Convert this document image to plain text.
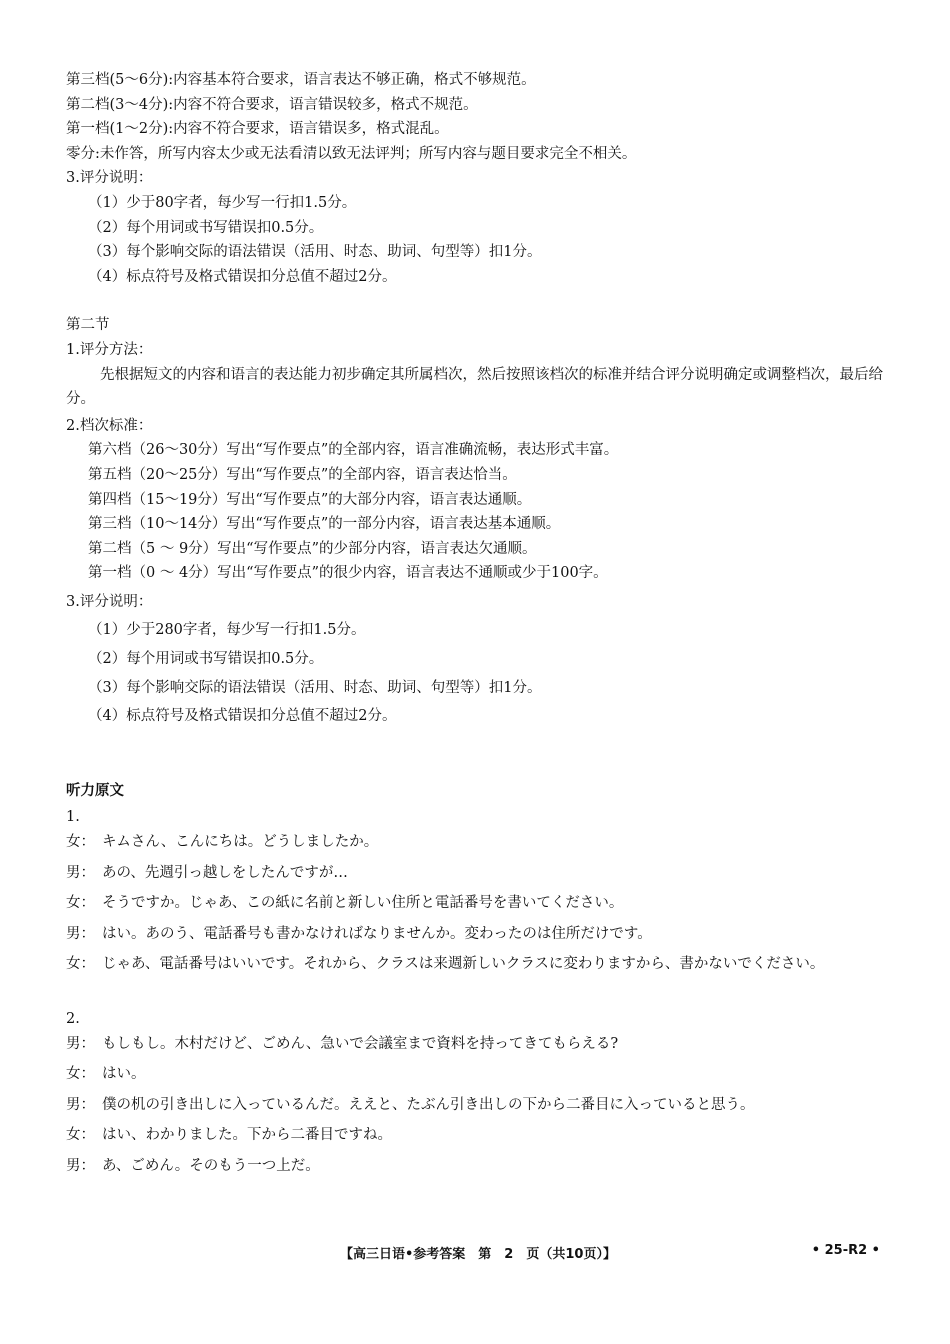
第三档(5～6分):内容基本符合要求，语言表达不够正确，格式不够规范。
第二档(3～4分):内容不符合要求，语言错误较多，格式不规范。
第一档(1～2分):内容不符合要求，语言错误多，格式混乱。
零分:未作答，所写内容太少或无法看清以致无法评判；所写内容与题目要求完全不相关。
3.评分说明：
（1）少于80字者，每少写一行扣1.5分。
（2）每个用词或书写错误扣0.5分。
（3）每个影响交际的语法错误（活用、时态、助词、句型等）扣1分。
（4）标点符号及格式错误扣分总值不超过2分。
第二节
1.评分方法：
先根据短文的内容和语言的表达能力初步确定其所属档次，然后按照该档次的标准并结合评分说明确定或调整档次，最后给分。
2.档次标准：
第六档（26～30分）写出“写作要点”的全部内容，语言准确流畅，表达形式丰富。
第五档（20～25分）写出“写作要点”的全部内容，语言表达恰当。
第四档（15～19分）写出“写作要点”的大部分内容，语言表达通顺。
第三档（10～14分）写出“写作要点”的一部分内容，语言表达基本通顺。
第二档（5 ～ 9分）写出“写作要点”的少部分内容，语言表达欠通顺。
第一档（0 ～ 4分）写出“写作要点”的很少内容，语言表达不通顺或少于100字。
3.评分说明：
（1）少于280字者，每少写一行扣1.5分。
（2）每个用词或书写错误扣0.5分。
（3）每个影响交际的语法错误（活用、时态、助词、句型等）扣1分。
（4）标点符号及格式错误扣分总值不超过2分。
听力原文
1.
女： キムさん、こんにちは。どうしましたか。
男： あの、先週引っ越しをしたんですが…
女： そうですか。じゃあ、この紙に名前と新しい住所と電話番号を書いてください。
男： はい。あのう、電話番号も書かなければなりませんか。変わったのは住所だけです。
女： じゃあ、電話番号はいいです。それから、クラスは来週新しいクラスに変わりますから、書かないでください。
2.
男： もしもし。木村だけど、ごめん、急いで会議室まで資料を持ってきてもらえる?
女： はい。
男： 僕の机の引き出しに入っているんだ。ええと、たぶん引き出しの下から二番目に入っていると思う。
女： はい、わかりました。下から二番目ですね。
男： あ、ごめん。そのもう一つ上だ。
【高三日语•参考答案　第　2　页（共10页）】	• 25-R2 •
